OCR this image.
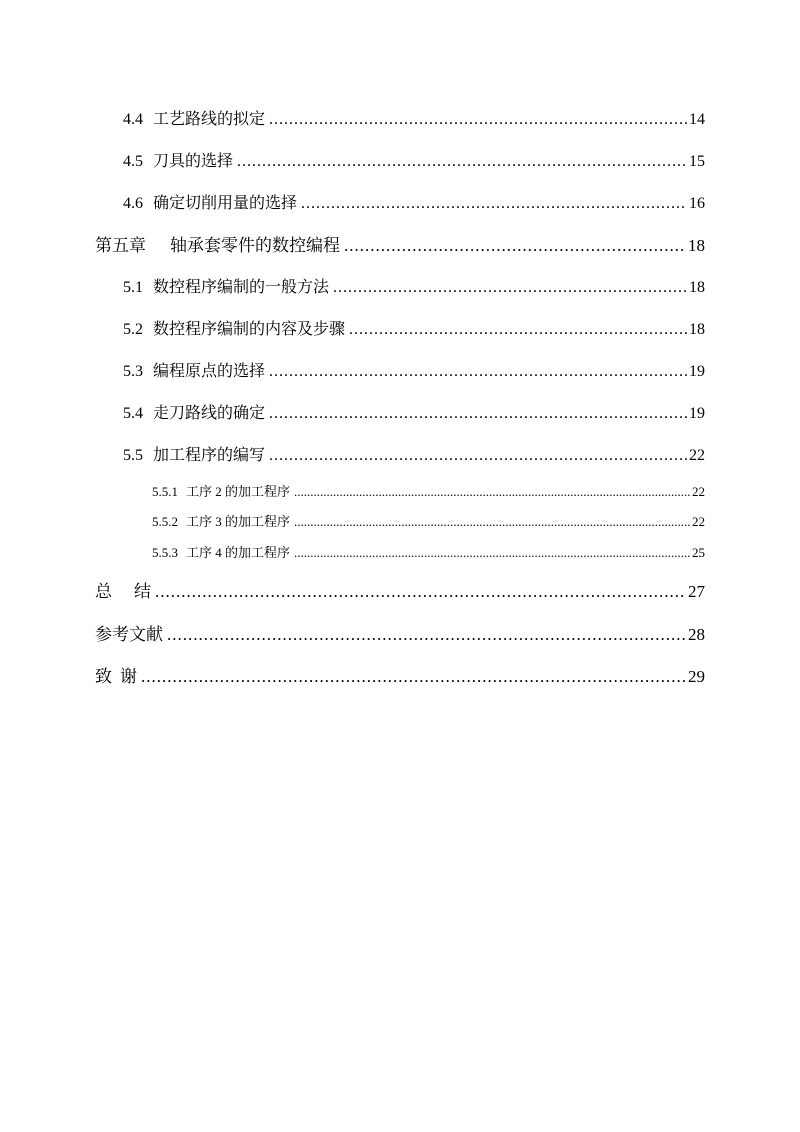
4.4 工艺路线的拟定 .....	14
4.5 刀具的选择 .....	15
4.6 确定切削用量的选择 .....	16
第五章 轴承套零件的数控编程 .....	18
5.1 数控程序编制的一般方法 .....	18
5.2 数控程序编制的内容及步骤 .....	18
5.3 编程原点的选择 .....	19
5.4 走刀路线的确定 .....	19
5.5 加工程序的编写 .....	22
5.5.1 工序 2 的加工程序 .....	22
5.5.2 工序 3 的加工程序 .....	22
5.5.3 工序 4 的加工程序 .....	25
总 结 .....	27
参考文献 .....	28
致 谢 .....	29
